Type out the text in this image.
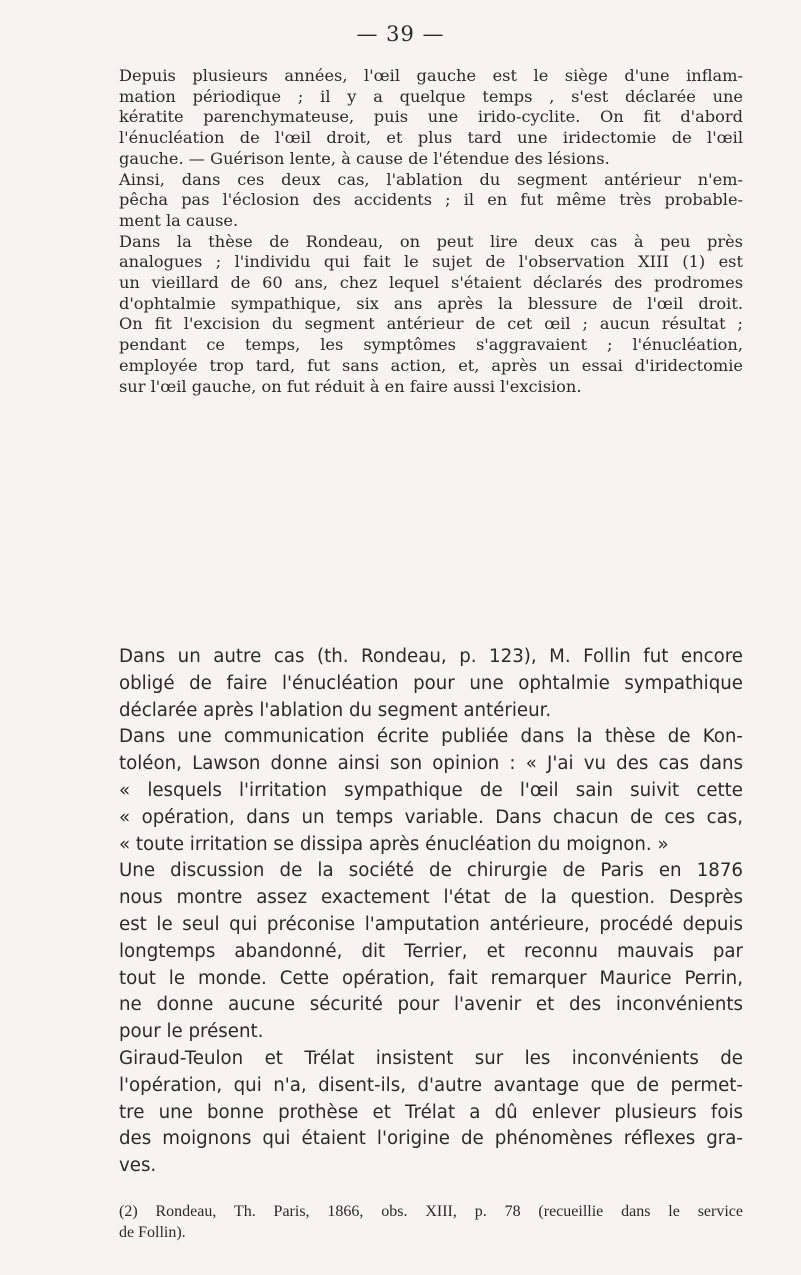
— 39 —

Depuis plusieurs années, l'œil gauche est le siège d'une inflam-
mation périodique ; il y a quelque temps , s'est déclarée une
kératite parenchymateuse, puis une irido-cyclite. On fit d'abord
l'énucléation de l'œil droit, et plus tard une iridectomie de l'œil
gauche. — Guérison lente, à cause de l'étendue des lésions.

Ainsi, dans ces deux cas, l'ablation du segment antérieur n'em-
pêcha pas l'éclosion des accidents ; il en fut même très probable-
ment la cause.

Dans la thèse de Rondeau, on peut lire deux cas à peu près
analogues ; l'individu qui fait le sujet de l'observation XIII (1) est
un vieillard de 60 ans, chez lequel s'étaient déclarés des prodromes
d'ophtalmie sympathique, six ans après la blessure de l'œil droit.
On fit l'excision du segment antérieur de cet œil ; aucun résultat ;
pendant ce temps, les symptômes s'aggravaient ; l'énucléation,
employée trop tard, fut sans action, et, après un essai d'iridectomie
sur l'œil gauche, on fut réduit à en faire aussi l'excision.

Dans un autre cas (th. Rondeau, p. 123), M. Follin fut encore
obligé de faire l'énucléation pour une ophtalmie sympathique
déclarée après l'ablation du segment antérieur.

Dans une communication écrite publiée dans la thèse de Kon-
toléon, Lawson donne ainsi son opinion : « J'ai vu des cas dans
« lesquels l'irritation sympathique de l'œil sain suivit cette
« opération, dans un temps variable. Dans chacun de ces cas,
« toute irritation se dissipa après énucléation du moignon. »

Une discussion de la société de chirurgie de Paris en 1876
nous montre assez exactement l'état de la question. Desprès
est le seul qui préconise l'amputation antérieure, procédé depuis
longtemps abandonné, dit Terrier, et reconnu mauvais par
tout le monde. Cette opération, fait remarquer Maurice Perrin,
ne donne aucune sécurité pour l'avenir et des inconvénients
pour le présent.

Giraud-Teulon et Trélat insistent sur les inconvénients de
l'opération, qui n'a, disent-ils, d'autre avantage que de permet-
tre une bonne prothèse et Trélat a dû enlever plusieurs fois
des moignons qui étaient l'origine de phénomènes réflexes gra-
ves.

(2) Rondeau, Th. Paris, 1866, obs. XIII, p. 78 (recueillie dans le service
de Follin).
